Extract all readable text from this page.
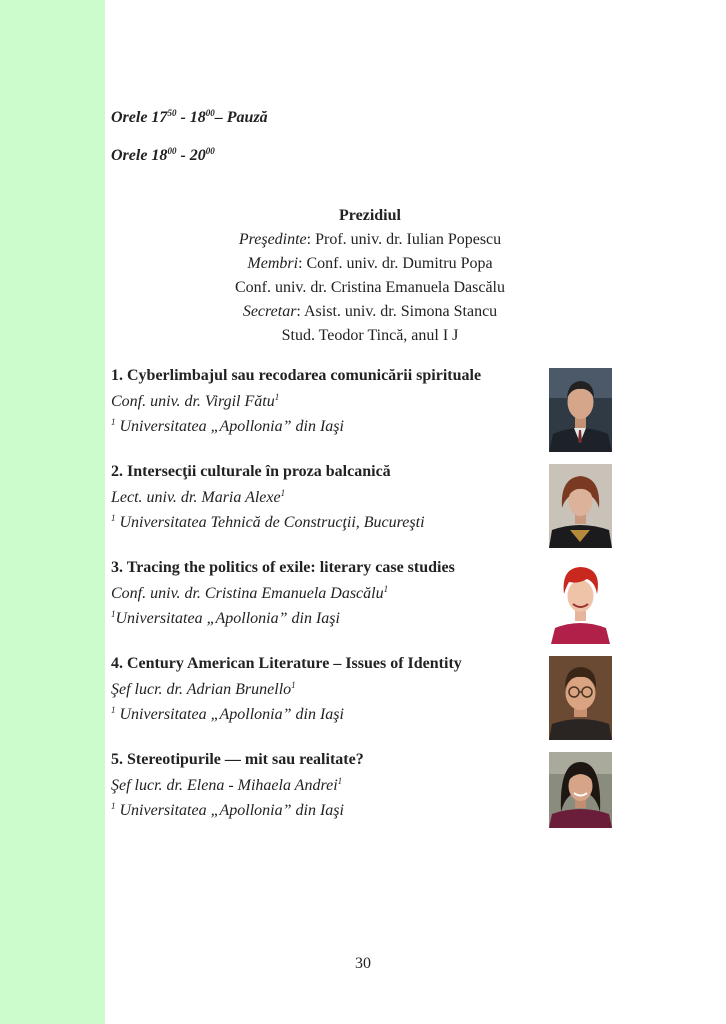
Orele $17^{50} - 18^{00}-$ Pauză
Orele $18^{00} - 20^{00}$
Prezidiul
Preşedinte: Prof. univ. dr. Iulian Popescu
Membri: Conf. univ. dr. Dumitru Popa
Conf. univ. dr. Cristina Emanuela Dascălu
Secretar: Asist. univ. dr. Simona Stancu
Stud. Teodor Tincă, anul I J
1. Cyberlimbajul sau recodarea comunicării spirituale
Conf. univ. dr. Virgil Fătu$^1$
$^1$ Universitatea „Apollonia” din Iaşi
2. Intersecţii culturale în proza balcanică
Lect. univ. dr. Maria Alexe$^1$
$^1$ Universitatea Tehnică de Construcţii, Bucureşti
3. Tracing the politics of exile: literary case studies
Conf. univ. dr. Cristina Emanuela Dascălu$^1$
$^1$Universitatea „Apollonia” din Iaşi
4. Century American Literature – Issues of Identity
Şef lucr. dr. Adrian Brunello$^1$
$^1$ Universitatea „Apollonia” din Iaşi
5. Stereotipurile — mit sau realitate?
Şef lucr. dr. Elena - Mihaela Andrei$^1$
$^1$ Universitatea „Apollonia” din Iaşi
30
